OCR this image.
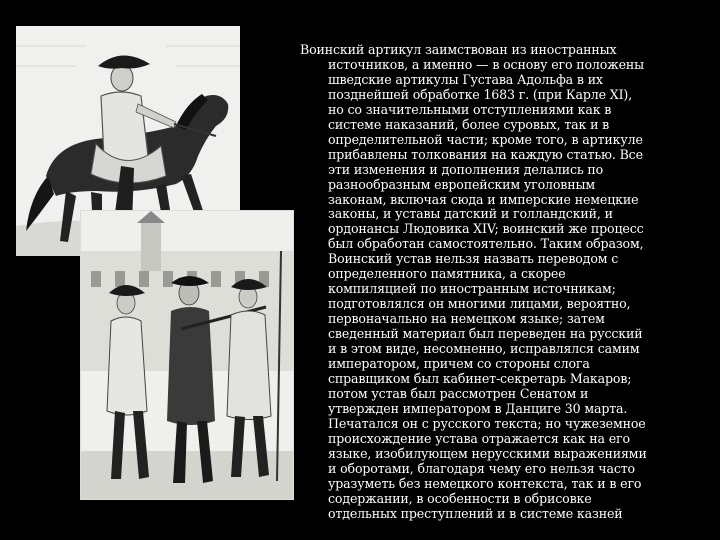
Воинский артикул заимствован из иностранных
источников, а именно — в основу его положены
шведские артикулы Густава Адольфа в их
позднейшей обработке 1683 г. (при Карле XI),
но со значительными отступлениями как в
системе наказаний, более суровых, так и в
определительной части; кроме того, в артикуле
прибавлены толкования на каждую статью. Все
эти изменения и дополнения делались по
разнообразным европейским уголовным
законам, включая сюда и имперские немецкие
законы, и уставы датский и голландский, и
ордонансы Людовика XIV; воинский же процесс
был обработан самостоятельно. Таким образом,
Воинский устав нельзя назвать переводом с
определенного памятника, а скорее
компиляцией по иностранным источникам;
подготовлялся он многими лицами, вероятно,
первоначально на немецком языке; затем
сведенный материал был переведен на русский
и в этом виде, несомненно, исправлялся самим
императором, причем со стороны слога
справщиком был кабинет-секретарь Макаров;
потом устав был рассмотрен Сенатом и
утвержден императором в Данциге 30 марта.
Печатался он с русского текста; но чужеземное
происхождение устава отражается как на его
языке, изобилующем нерусскими выражениями
и оборотами, благодаря чему его нельзя часто
уразуметь без немецкого контекста, так и в его
содержании, в особенности в обрисовке
отдельных преступлений и в системе казней
